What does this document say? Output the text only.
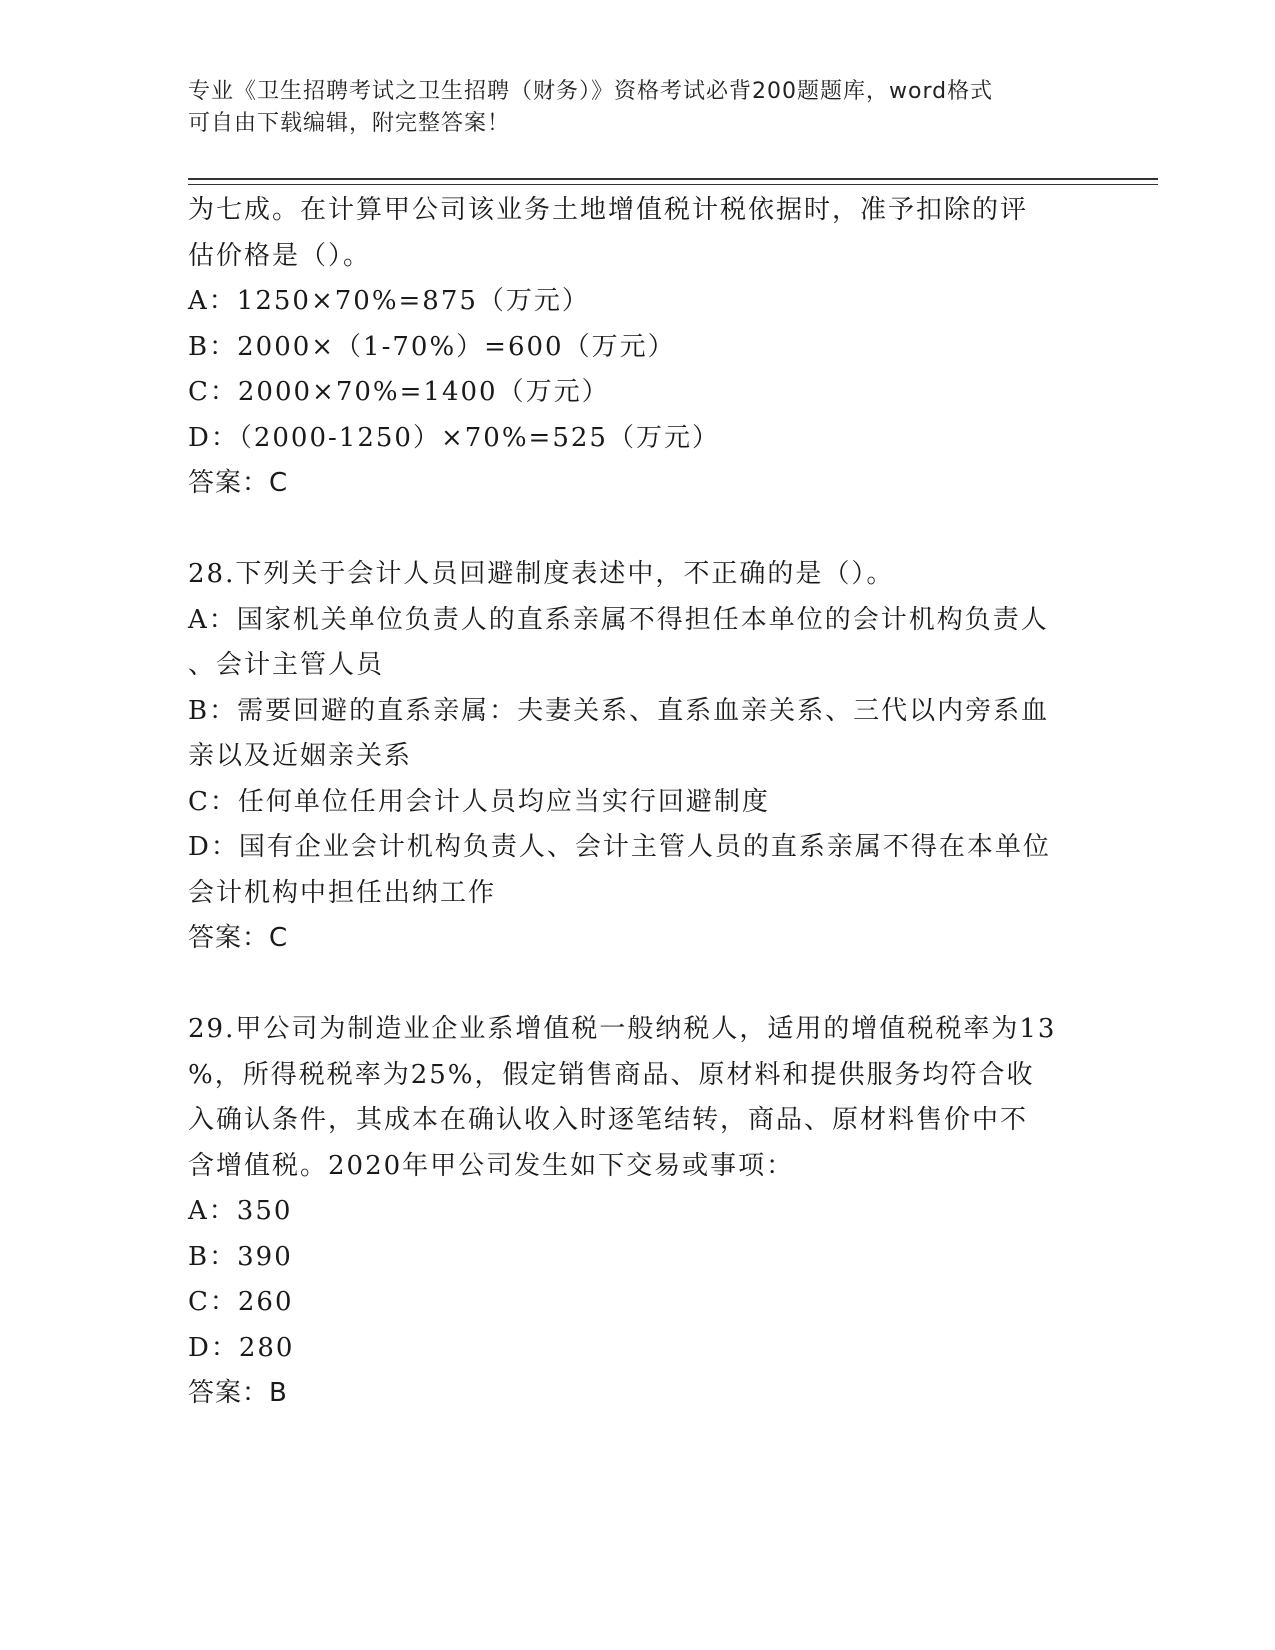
专业《卫生招聘考试之卫生招聘（财务）》资格考试必背200题题库，word格式
可自由下载编辑，附完整答案！
为七成。在计算甲公司该业务土地增值税计税依据时，准予扣除的评
估价格是（）。
A：1250×70%=875（万元）
B：2000×（1-70%）=600（万元）
C：2000×70%=1400（万元）
D：（2000-1250）×70%=525（万元）
答案：C
28.下列关于会计人员回避制度表述中，不正确的是（）。
A：国家机关单位负责人的直系亲属不得担任本单位的会计机构负责人
、会计主管人员
B：需要回避的直系亲属：夫妻关系、直系血亲关系、三代以内旁系血
亲以及近姻亲关系
C：任何单位任用会计人员均应当实行回避制度
D：国有企业会计机构负责人、会计主管人员的直系亲属不得在本单位
会计机构中担任出纳工作
答案：C
29.甲公司为制造业企业系增值税一般纳税人，适用的增值税税率为13
%，所得税税率为25%，假定销售商品、原材料和提供服务均符合收
入确认条件，其成本在确认收入时逐笔结转，商品、原材料售价中不
含增值税。2020年甲公司发生如下交易或事项：
A：350
B：390
C：260
D：280
答案：B
